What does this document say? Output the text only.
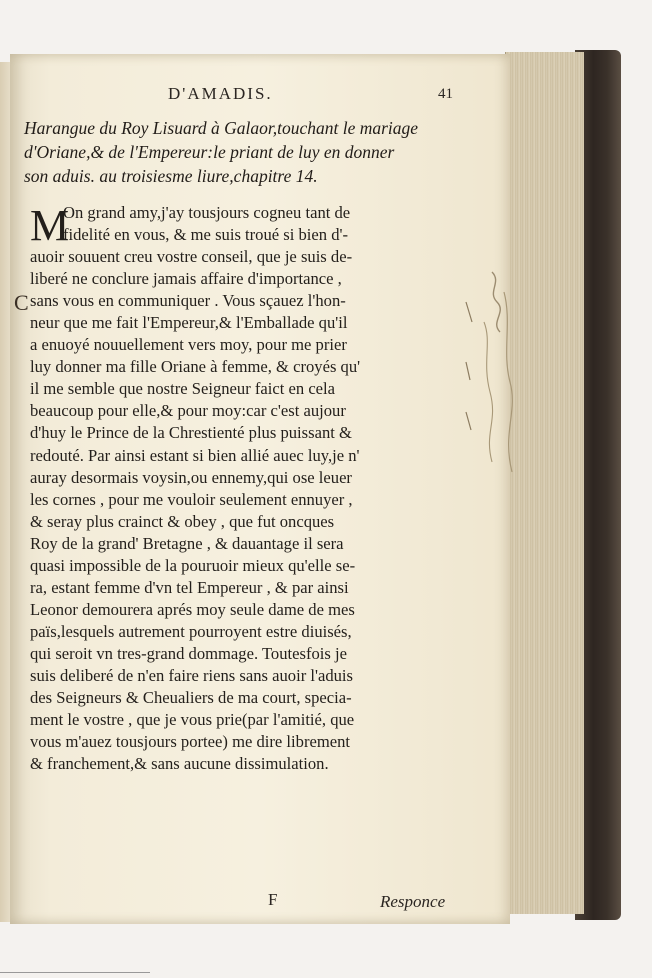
D'AMADIS.	41
Harangue du Roy Lisuard à Galaor,touchant le mariage
d'Oriane,& de l'Empereur:le priant de luy en donner
son aduis. au troisiesme liure,chapitre 14.
C
M
On grand amy,j'ay tousjours cogneu tant de
fidelité en vous, & me suis troué si bien d'-
auoir souuent creu vostre conseil, que je suis de-
liberé ne conclure jamais affaire d'importance ,
sans vous en communiquer . Vous sçauez l'hon-
neur que me fait l'Empereur,& l'Emballade qu'il
a enuoyé nouuellement vers moy, pour me prier
luy donner ma fille Oriane à femme, & croyés qu'
il me semble que nostre Seigneur faict en cela
beaucoup pour elle,& pour moy:car c'est aujour
d'huy le Prince de la Chrestienté plus puissant &
redouté. Par ainsi estant si bien allié auec luy,je n'
auray desormais voysin,ou ennemy,qui ose leuer
les cornes , pour me vouloir seulement ennuyer ,
& seray plus crainct & obey , que fut oncques
Roy de la grand' Bretagne , & dauantage il sera
quasi impossible de la pouruoir mieux qu'elle se-
ra, estant femme d'vn tel Empereur , & par ainsi
Leonor demourera aprés moy seule dame de mes
païs,lesquels autrement pourroyent estre diuisés,
qui seroit vn tres-grand dommage. Toutesfois je
suis deliberé de n'en faire riens sans auoir l'aduis
des Seigneurs & Cheualiers de ma court, specia-
ment le vostre , que je vous prie(par l'amitié, que
vous m'auez tousjours portee) me dire librement
& franchement,& sans aucune dissimulation.
F	Responce
